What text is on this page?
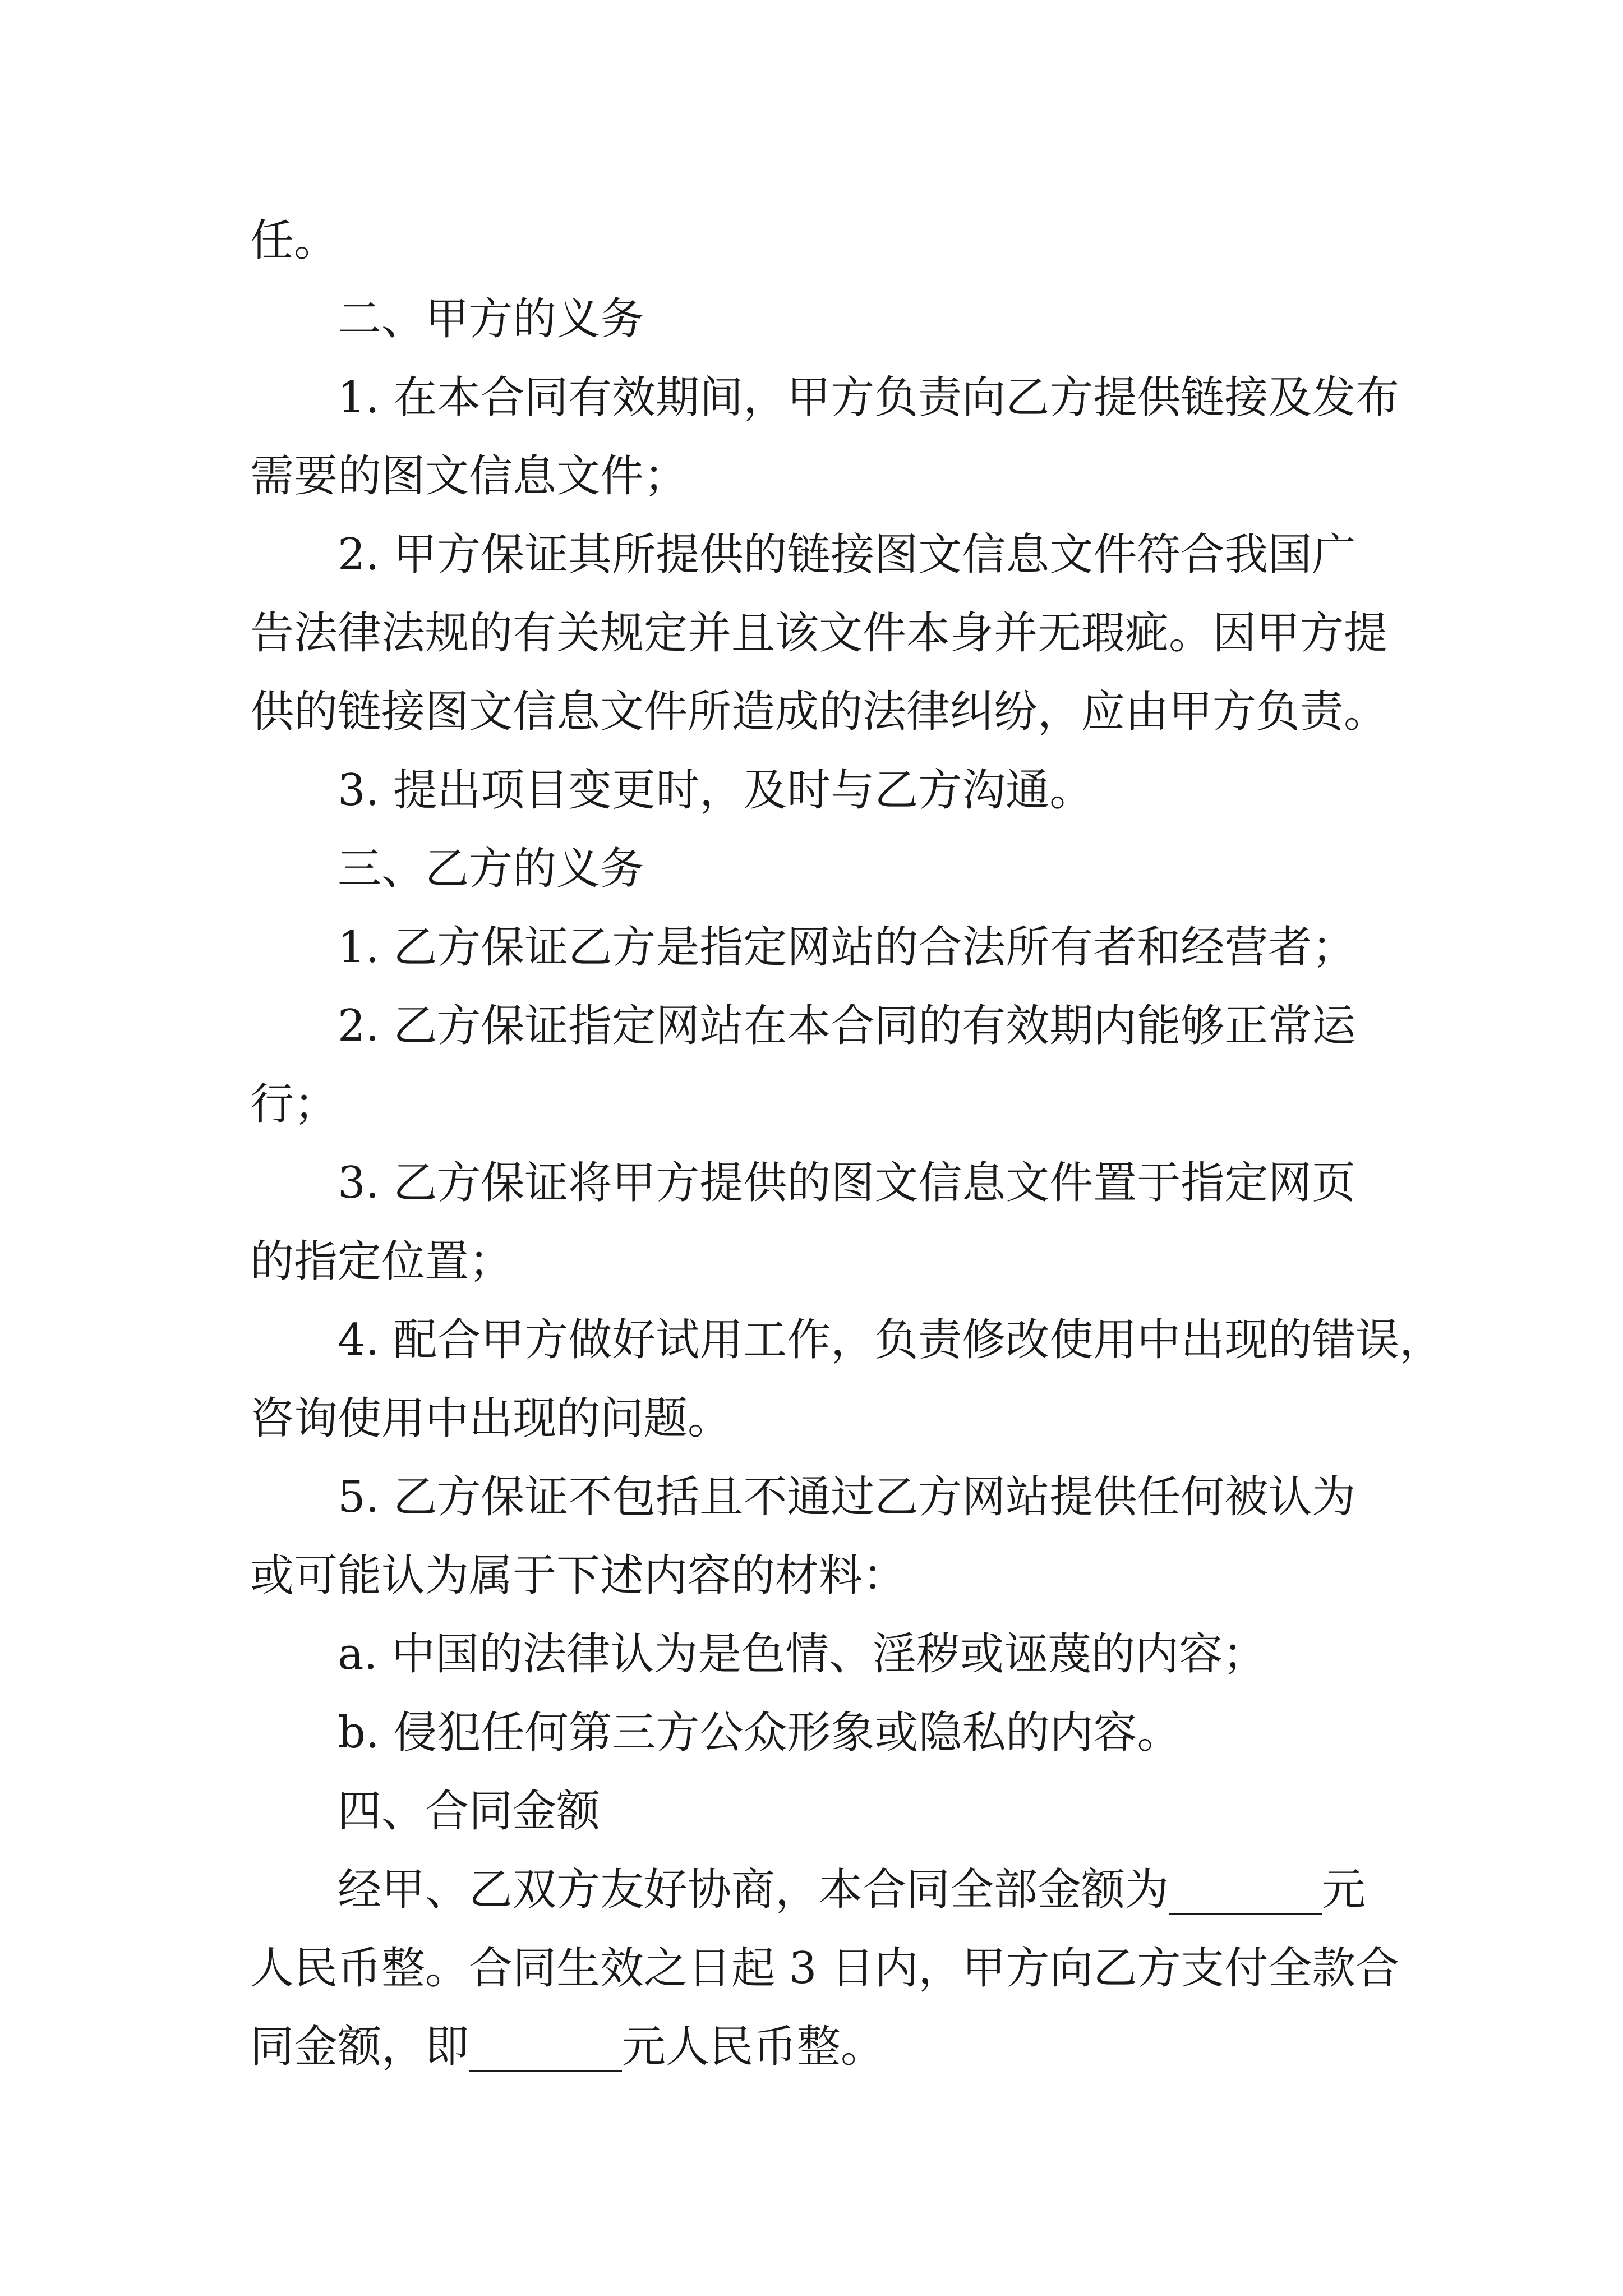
任。

二、甲方的义务

1. 在本合同有效期间，甲方负责向乙方提供链接及发布

需要的图文信息文件；

2. 甲方保证其所提供的链接图文信息文件符合我国广

告法律法规的有关规定并且该文件本身并无瑕疵。因甲方提

供的链接图文信息文件所造成的法律纠纷，应由甲方负责。

3. 提出项目变更时，及时与乙方沟通。

三、乙方的义务

1. 乙方保证乙方是指定网站的合法所有者和经营者；

2. 乙方保证指定网站在本合同的有效期内能够正常运

行；

3. 乙方保证将甲方提供的图文信息文件置于指定网页

的指定位置；

4. 配合甲方做好试用工作，负责修改使用中出现的错误，

咨询使用中出现的问题。

5. 乙方保证不包括且不通过乙方网站提供任何被认为

或可能认为属于下述内容的材料：

a. 中国的法律认为是色情、淫秽或诬蔑的内容；

b. 侵犯任何第三方公众形象或隐私的内容。

四、合同金额

经甲、乙双方友好协商，本合同全部金额为_______元

人民币整。合同生效之日起 3 日内，甲方向乙方支付全款合

同金额，即_______元人民币整。
